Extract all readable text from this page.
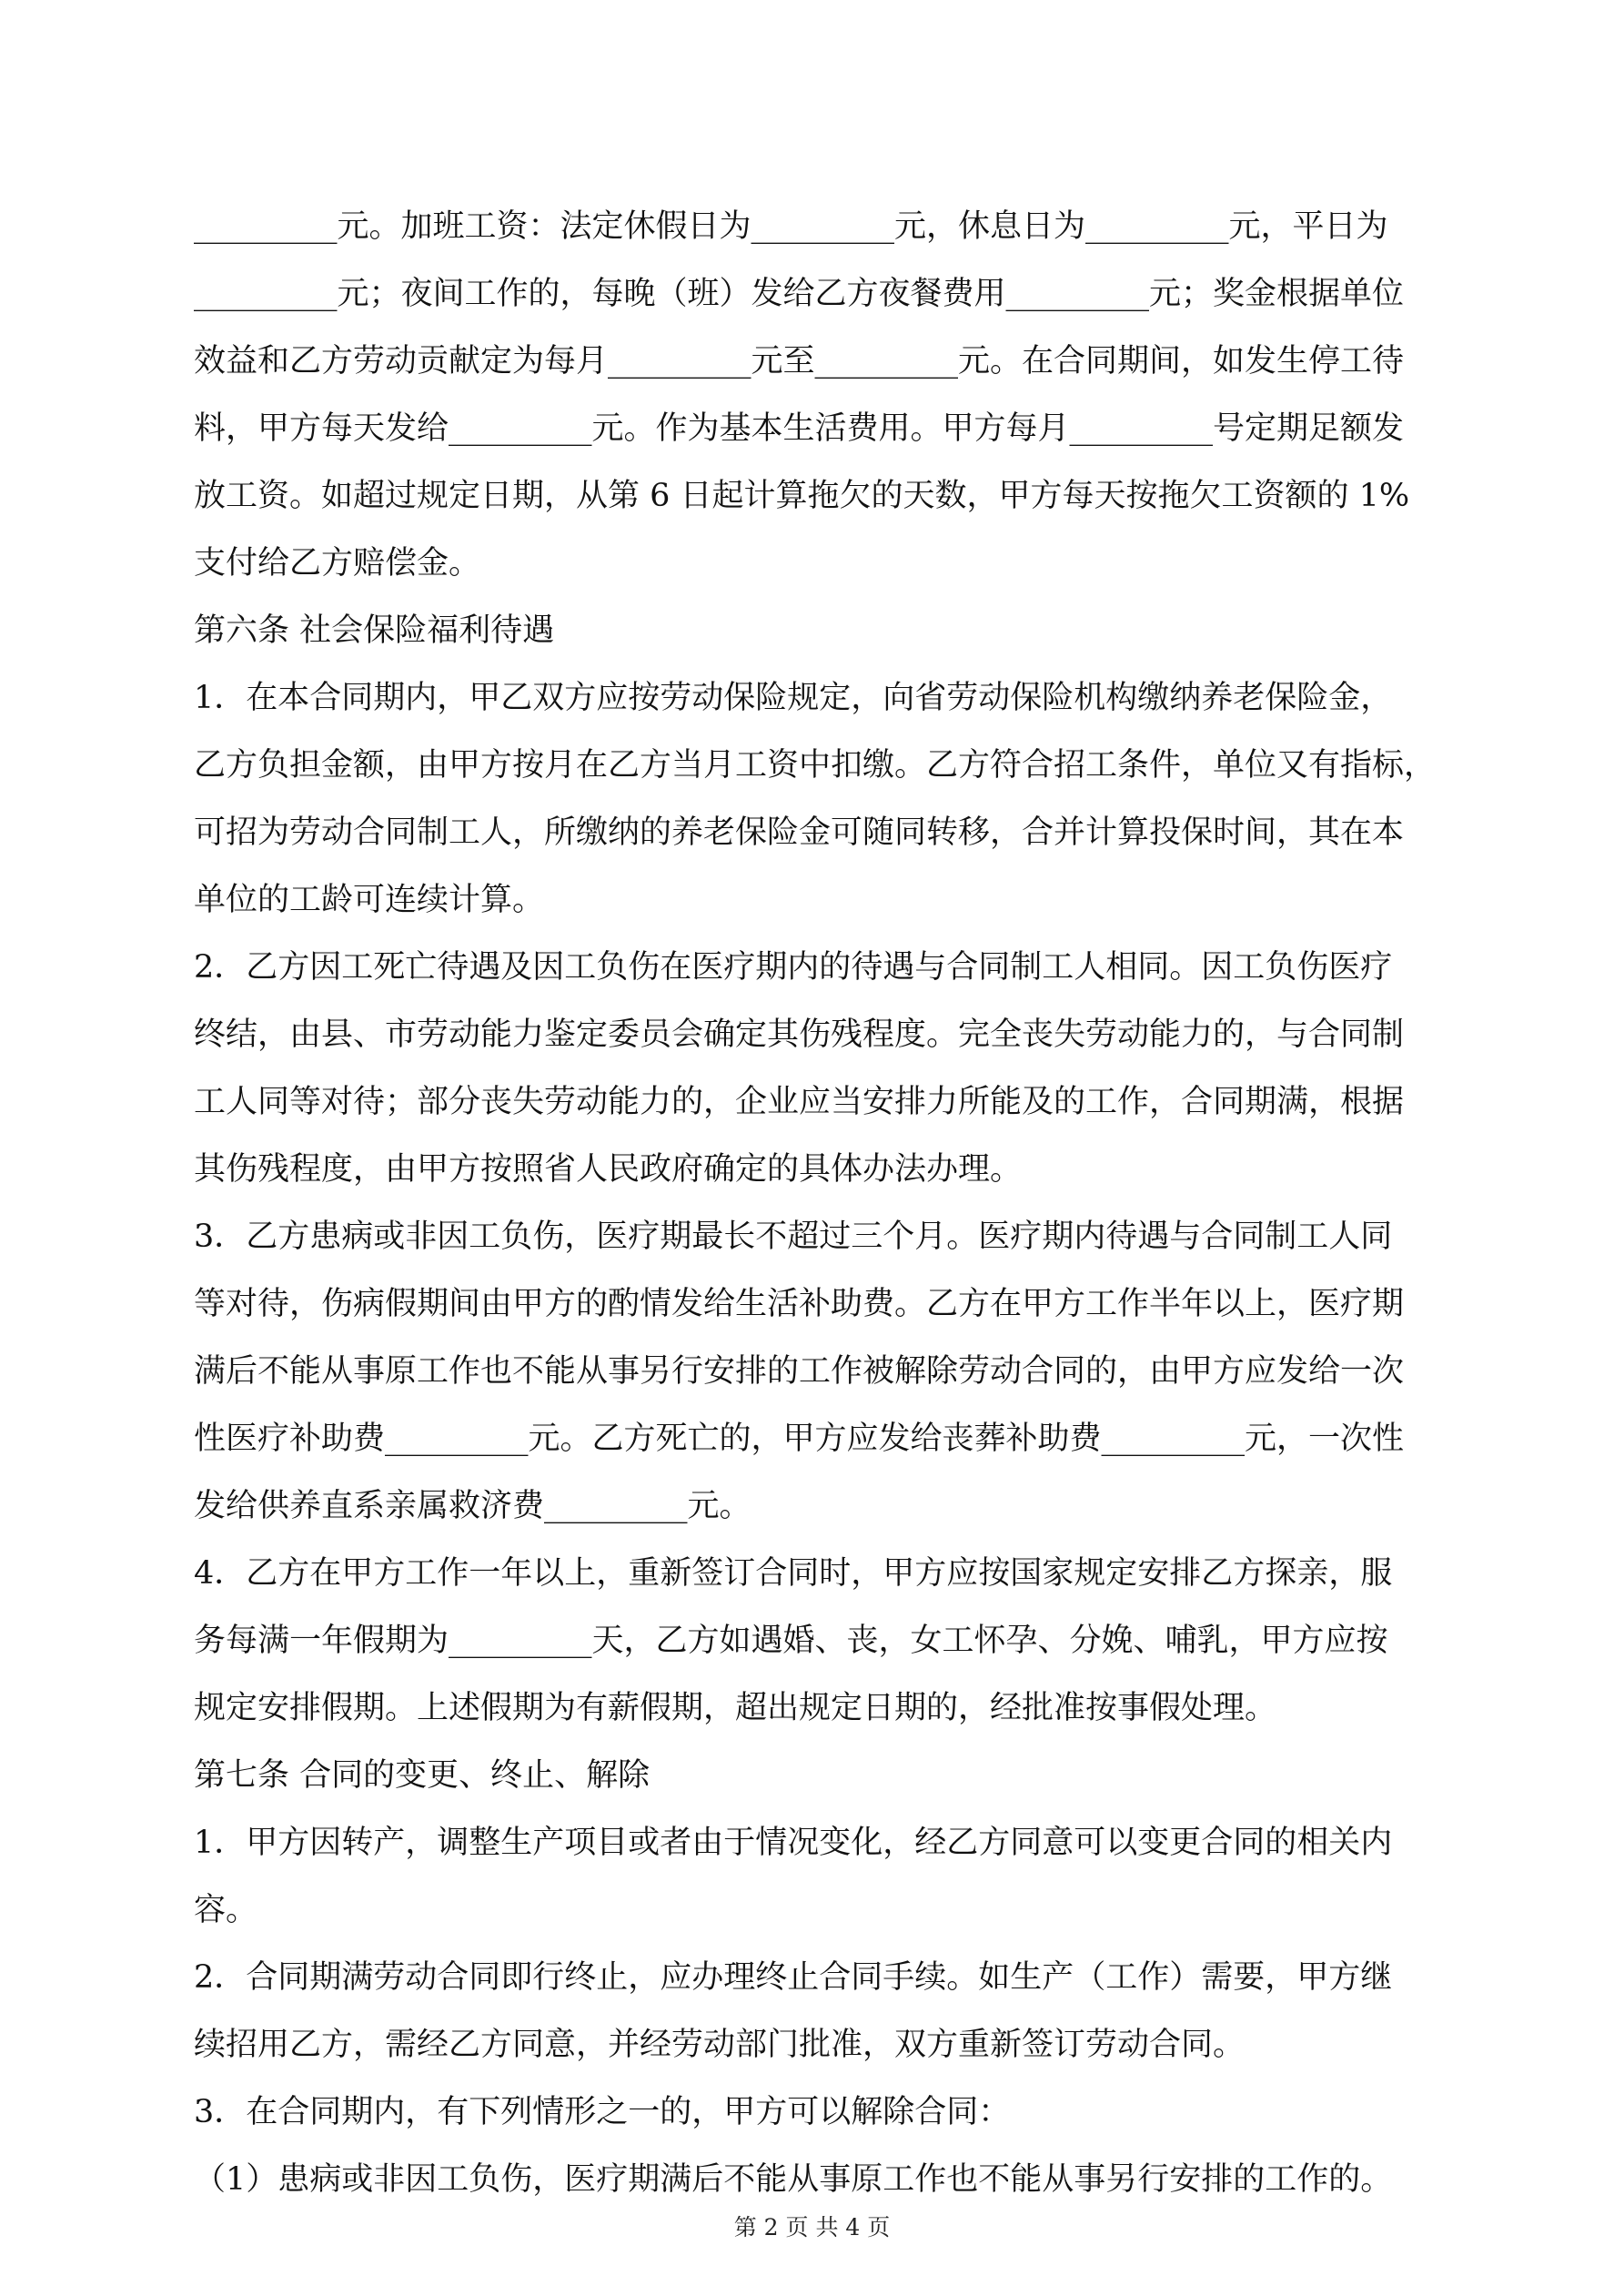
_________元。加班工资：法定休假日为_________元，休息日为_________元，平日为
_________元；夜间工作的，每晚（班）发给乙方夜餐费用_________元；奖金根据单位
效益和乙方劳动贡献定为每月_________元至_________元。在合同期间，如发生停工待
料，甲方每天发给_________元。作为基本生活费用。甲方每月_________号定期足额发
放工资。如超过规定日期，从第 6 日起计算拖欠的天数，甲方每天按拖欠工资额的 1%
支付给乙方赔偿金。
第六条 社会保险福利待遇
1．在本合同期内，甲乙双方应按劳动保险规定，向省劳动保险机构缴纳养老保险金，
乙方负担金额，由甲方按月在乙方当月工资中扣缴。乙方符合招工条件，单位又有指标，
可招为劳动合同制工人，所缴纳的养老保险金可随同转移，合并计算投保时间，其在本
单位的工龄可连续计算。
2．乙方因工死亡待遇及因工负伤在医疗期内的待遇与合同制工人相同。因工负伤医疗
终结，由县、市劳动能力鉴定委员会确定其伤残程度。完全丧失劳动能力的，与合同制
工人同等对待；部分丧失劳动能力的，企业应当安排力所能及的工作，合同期满，根据
其伤残程度，由甲方按照省人民政府确定的具体办法办理。
3．乙方患病或非因工负伤，医疗期最长不超过三个月。医疗期内待遇与合同制工人同
等对待，伤病假期间由甲方的酌情发给生活补助费。乙方在甲方工作半年以上，医疗期
满后不能从事原工作也不能从事另行安排的工作被解除劳动合同的，由甲方应发给一次
性医疗补助费_________元。乙方死亡的，甲方应发给丧葬补助费_________元，一次性
发给供养直系亲属救济费_________元。
4．乙方在甲方工作一年以上，重新签订合同时，甲方应按国家规定安排乙方探亲，服
务每满一年假期为_________天，乙方如遇婚、丧，女工怀孕、分娩、哺乳，甲方应按
规定安排假期。上述假期为有薪假期，超出规定日期的，经批准按事假处理。
第七条 合同的变更、终止、解除
1．甲方因转产，调整生产项目或者由于情况变化，经乙方同意可以变更合同的相关内
容。
2．合同期满劳动合同即行终止，应办理终止合同手续。如生产（工作）需要，甲方继
续招用乙方，需经乙方同意，并经劳动部门批准，双方重新签订劳动合同。
3．在合同期内，有下列情形之一的，甲方可以解除合同：
（1）患病或非因工负伤，医疗期满后不能从事原工作也不能从事另行安排的工作的。
第 2 页 共 4 页
